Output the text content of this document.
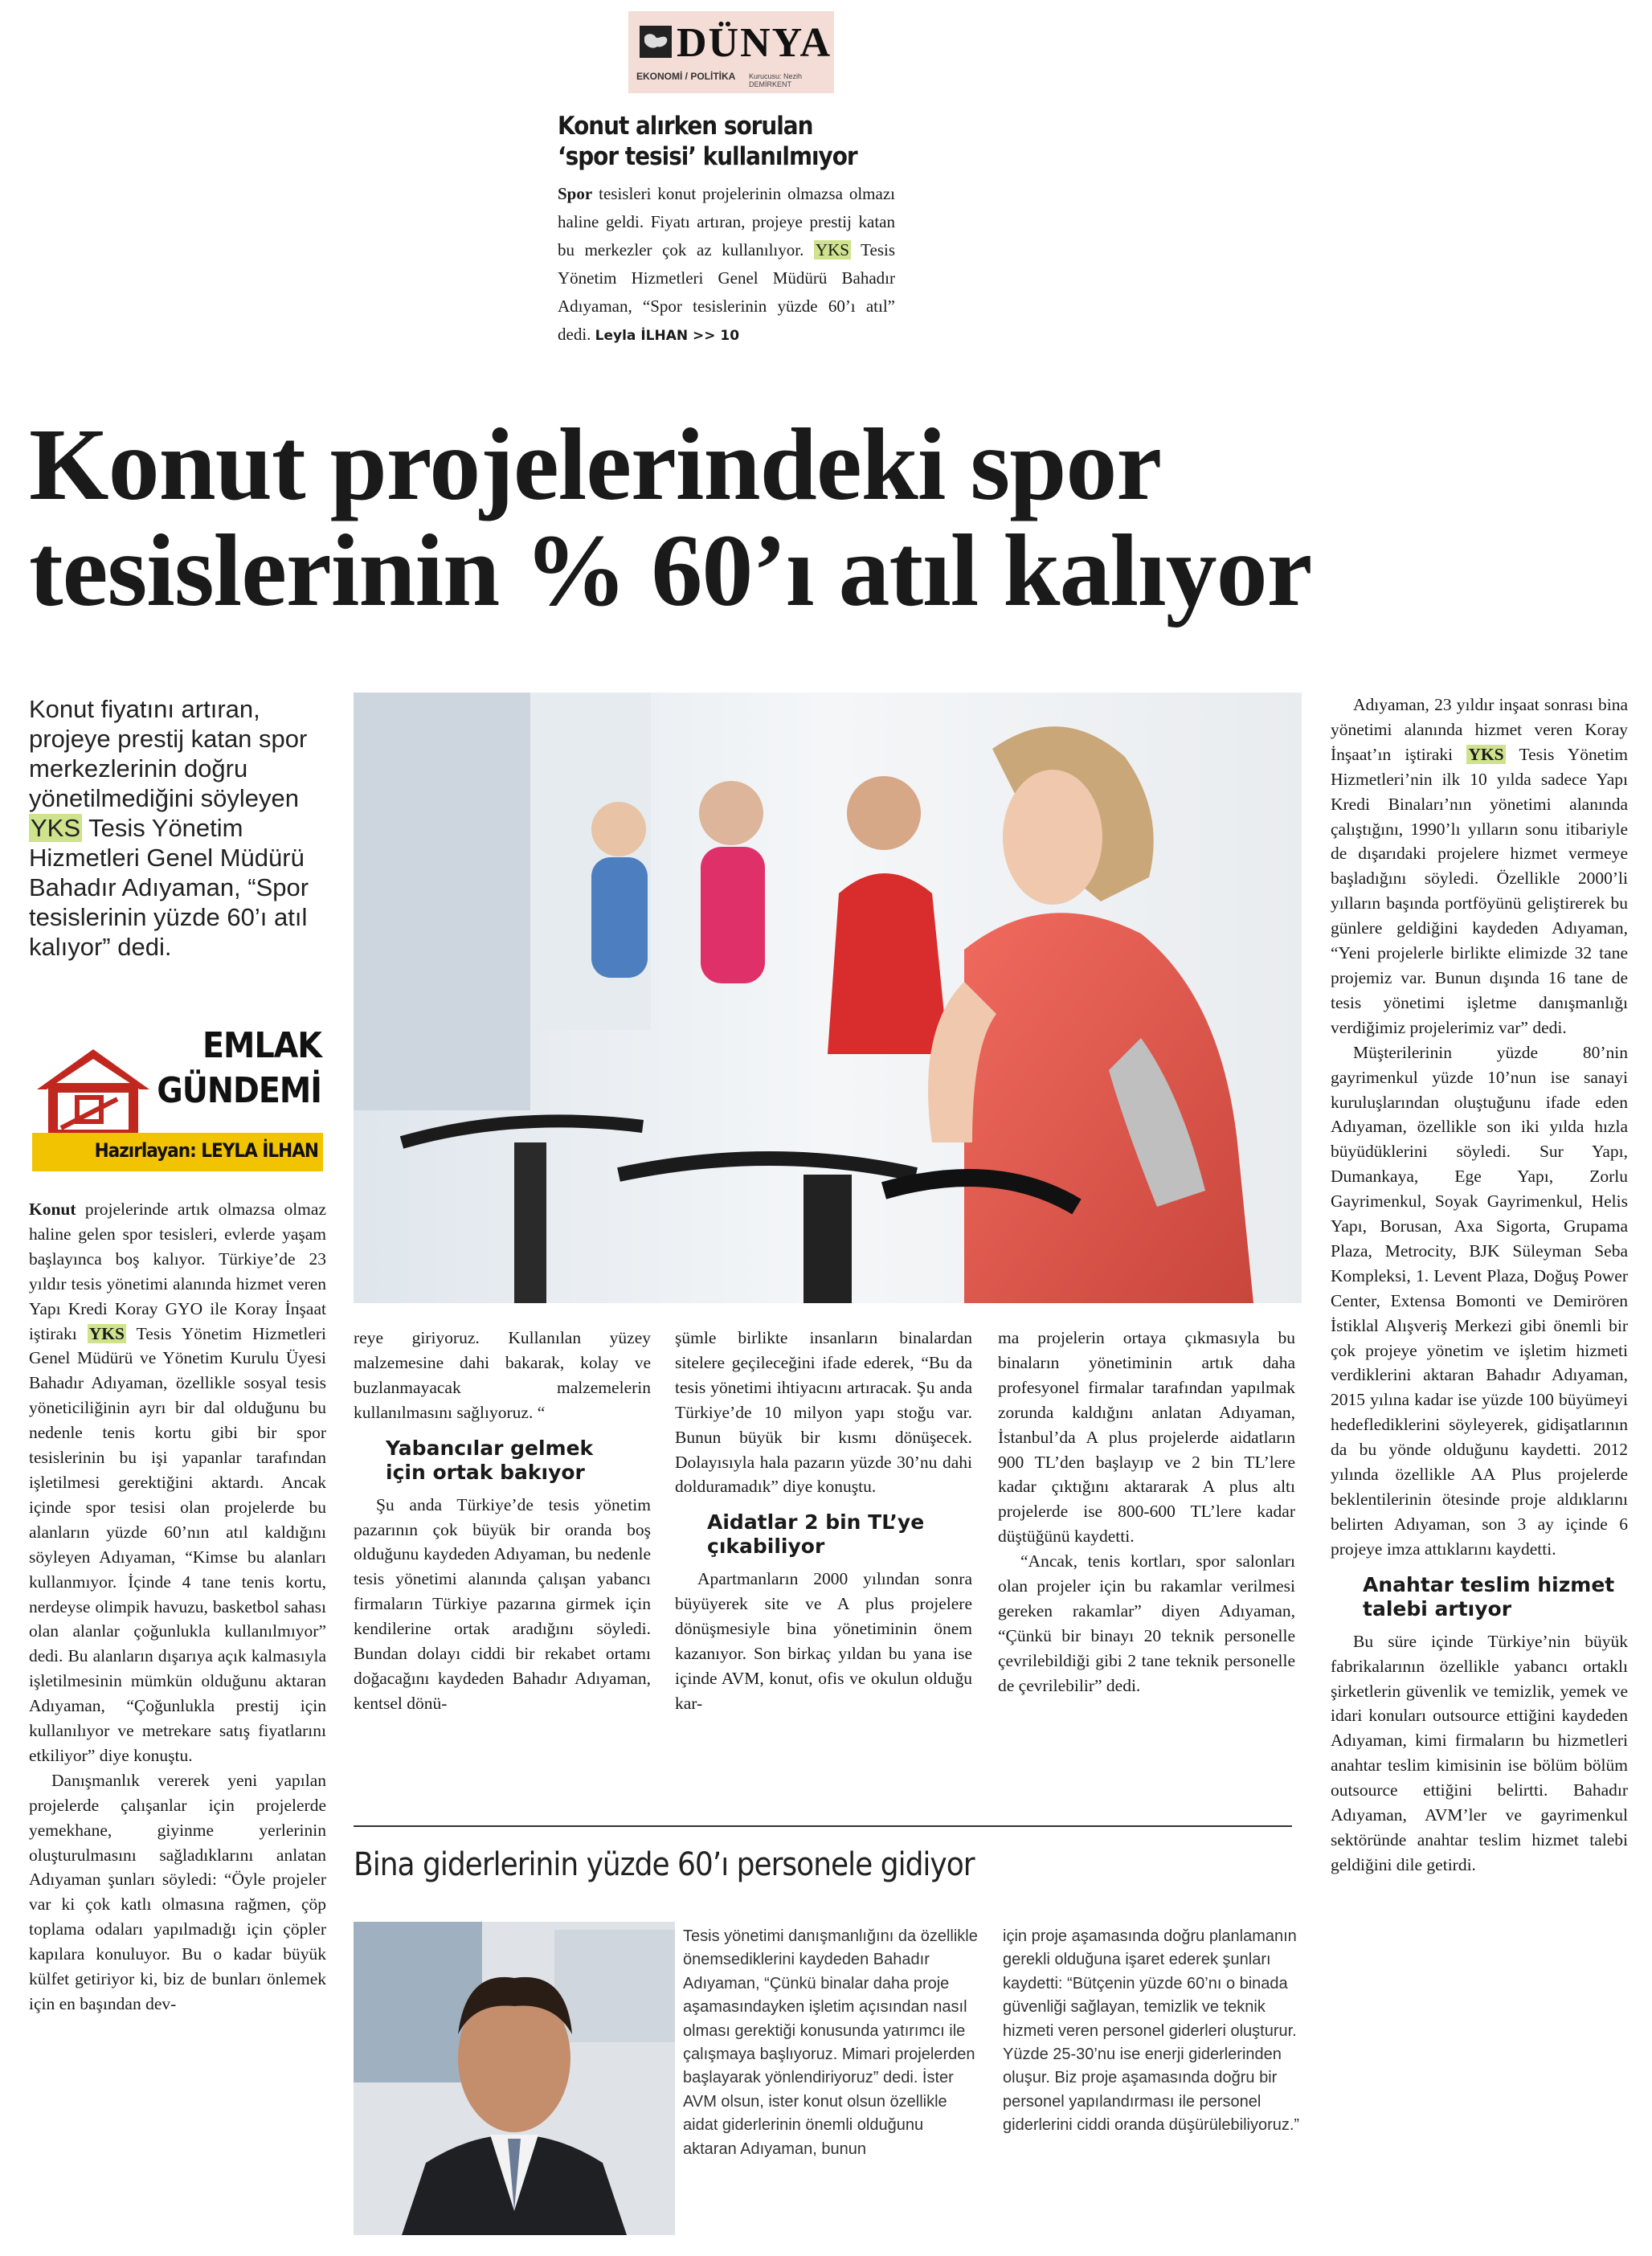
DÜNYA
EKONOMİ / POLİTİKA Kurucusu: Nezih DEMİRKENT
Konut alırken sorulan
‘spor tesisi’ kullanılmıyor

Spor tesisleri konut projelerinin olmazsa olmazı haline geldi. Fiyatı artıran, projeye prestij katan bu merkezler çok az kullanılıyor. YKS Tesis Yönetim Hizmetleri Genel Müdürü Bahadır Adıyaman, “Spor tesislerinin yüzde 60’ı atıl” dedi. Leyla İLHAN >> 10

Konut projelerindeki spor
tesislerinin % 60’ı atıl kalıyor

Konut fiyatını artıran, projeye prestij katan spor merkezlerinin doğru yönetilmediğini söyleyen YKS Tesis Yönetim Hizmetleri Genel Müdürü Bahadır Adıyaman, “Spor tesislerinin yüzde 60’ı atıl kalıyor” dedi.

EMLAK
GÜNDEMİ
Hazırlayan: LEYLA İLHAN

Konut projelerinde artık olmazsa olmaz haline gelen spor tesisleri, evlerde yaşam başlayınca boş kalıyor. Türkiye’de 23 yıldır tesis yönetimi alanında hizmet veren Yapı Kredi Koray GYO ile Koray İnşaat iştirakı YKS Tesis Yönetim Hizmetleri Genel Müdürü ve Yönetim Kurulu Üyesi Bahadır Adıyaman, özellikle sosyal tesis yöneticiliğinin ayrı bir dal olduğunu bu nedenle tenis kortu gibi bir spor tesislerinin bu işi yapanlar tarafından işletilmesi gerektiğini aktardı. Ancak içinde spor tesisi olan projelerde bu alanların yüzde 60’nın atıl kaldığını söyleyen Adıyaman, “Kimse bu alanları kullanmıyor. İçinde 4 tane tenis kortu, nerdeyse olimpik havuzu, basketbol sahası olan alanlar çoğunlukla kullanılmıyor” dedi. Bu alanların dışarıya açık kalmasıyla işletilmesinin mümkün olduğunu aktaran Adıyaman, “Çoğunlukla prestij için kullanılıyor ve metrekare satış fiyatlarını etkiliyor” diye konuştu.

Danışmanlık vererek yeni yapılan projelerde çalışanlar için projelerde yemekhane, giyinme yerlerinin oluşturulmasını sağladıklarını anlatan Adıyaman şunları söyledi: “Öyle projeler var ki çok katlı olmasına rağmen, çöp toplama odaları yapılmadığı için çöpler kapılara konuluyor. Bu o kadar büyük külfet getiriyor ki, biz de bunları önlemek için en başından dev-

reye giriyoruz. Kullanılan yüzey malzemesine dahi bakarak, kolay ve buzlanmayacak malzemelerin kullanılmasını sağlıyoruz. “

Yabancılar gelmek
için ortak bakıyor

Şu anda Türkiye’de tesis yönetim pazarının çok büyük bir oranda boş olduğunu kaydeden Adıyaman, bu nedenle tesis yönetimi alanında çalışan yabancı firmaların Türkiye pazarına girmek için kendilerine ortak aradığını söyledi. Bundan dolayı ciddi bir rekabet ortamı doğacağını kaydeden Bahadır Adıyaman, kentsel dönü-

şümle birlikte insanların binalardan sitelere geçileceğini ifade ederek, “Bu da tesis yönetimi ihtiyacını artıracak. Şu anda Türkiye’de 10 milyon yapı stoğu var. Bunun büyük bir kısmı dönüşecek. Dolayısıyla hala pazarın yüzde 30’nu dahi dolduramadık” diye konuştu.

Aidatlar 2 bin TL’ye
çıkabiliyor

Apartmanların 2000 yılından sonra büyüyerek site ve A plus projelere dönüşmesiyle bina yönetiminin önem kazanıyor. Son birkaç yıldan bu yana ise içinde AVM, konut, ofis ve okulun olduğu kar-

ma projelerin ortaya çıkmasıyla bu binaların yönetiminin artık daha profesyonel firmalar tarafından yapılmak zorunda kaldığını anlatan Adıyaman, İstanbul’da A plus projelerde aidatların 900 TL’den başlayıp ve 2 bin TL’lere kadar çıktığını aktararak A plus altı projelerde ise 800-600 TL’lere kadar düştüğünü kaydetti.

“Ancak, tenis kortları, spor salonları olan projeler için bu rakamlar verilmesi gereken rakamlar” diyen Adıyaman, “Çünkü bir binayı 20 teknik personelle çevrilebildiği gibi 2 tane teknik personelle de çevrilebilir” dedi.

Adıyaman, 23 yıldır inşaat sonrası bina yönetimi alanında hizmet veren Koray İnşaat’ın iştiraki YKS Tesis Yönetim Hizmetleri’nin ilk 10 yılda sadece Yapı Kredi Binaları’nın yönetimi alanında çalıştığını, 1990’lı yılların sonu itibariyle de dışarıdaki projelere hizmet vermeye başladığını söyledi. Özellikle 2000’li yılların başında portföyünü geliştirerek bu günlere geldiğini kaydeden Adıyaman, “Yeni projelerle birlikte elimizde 32 tane projemiz var. Bunun dışında 16 tane de tesis yönetimi işletme danışmanlığı verdiğimiz projelerimiz var” dedi.

Müşterilerinin yüzde 80’nin gayrimenkul yüzde 10’nun ise sanayi kuruluşlarından oluştuğunu ifade eden Adıyaman, özellikle son iki yılda hızla büyüdüklerini söyledi. Sur Yapı, Dumankaya, Ege Yapı, Zorlu Gayrimenkul, Soyak Gayrimenkul, Helis Yapı, Borusan, Axa Sigorta, Grupama Plaza, Metrocity, BJK Süleyman Seba Kompleksi, 1. Levent Plaza, Doğuş Power Center, Extensa Bomonti ve Demirören İstiklal Alışveriş Merkezi gibi önemli bir çok projeye yönetim ve işletim hizmeti verdiklerini aktaran Bahadır Adıyaman, 2015 yılına kadar ise yüzde 100 büyümeyi hedeflediklerini söyleyerek, gidişatlarının da bu yönde olduğunu kaydetti. 2012 yılında özellikle AA Plus projelerde beklentilerinin ötesinde proje aldıklarını belirten Adıyaman, son 3 ay içinde 6 projeye imza attıklarını kaydetti.

Anahtar teslim hizmet
talebi artıyor

Bu süre içinde Türkiye’nin büyük fabrikalarının özellikle yabancı ortaklı şirketlerin güvenlik ve temizlik, yemek ve idari konuları outsource ettiğini kaydeden Adıyaman, kimi firmaların bu hizmetleri anahtar teslim kimisinin ise bölüm bölüm outsource ettiğini belirtti. Bahadır Adıyaman, AVM’ler ve gayrimenkul sektöründe anahtar teslim hizmet talebi geldiğini dile getirdi.

Bina giderlerinin yüzde 60’ı personele gidiyor

Tesis yönetimi danışmanlığını da özellikle önemsediklerini kaydeden Bahadır Adıyaman, “Çünkü binalar daha proje aşamasındayken işletim açısından nasıl olması gerektiği konusunda yatırımcı ile çalışmaya başlıyoruz. Mimari projelerden başlayarak yönlendiriyoruz” dedi. İster AVM olsun, ister konut olsun özellikle aidat giderlerinin önemli olduğunu aktaran Adıyaman, bunun

için proje aşamasında doğru planlamanın gerekli olduğuna işaret ederek şunları kaydetti: “Bütçenin yüzde 60’nı o binada güvenliği sağlayan, temizlik ve teknik hizmeti veren personel giderleri oluşturur. Yüzde 25-30’nu ise enerji giderlerinden oluşur. Biz proje aşamasında doğru bir personel yapılandırması ile personel giderlerini ciddi oranda düşürülebiliyoruz.”
